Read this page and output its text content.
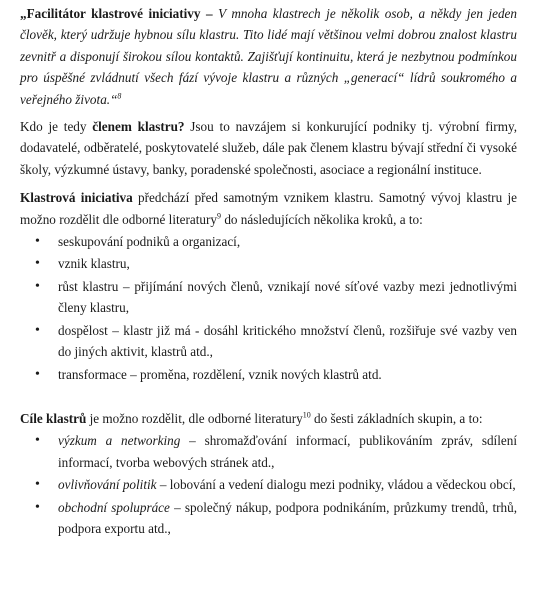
„Facilitátor klastrové iniciativy – V mnoha klastrech je několik osob, a někdy jen jeden člověk, který udržuje hybnou sílu klastru. Tito lidé mají většinou velmi dobrou znalost klastru zevnitř a disponují širokou sílou kontaktů. Zajišťují kontinuitu, která je nezbytnou podmínkou pro úspěšné zvládnutí všech fází vývoje klastru a různých „generací“ lídrů soukromého a veřejného života.“$^8$

Kdo je tedy členem klastru? Jsou to navzájem si konkurující podniky tj. výrobní firmy, dodavatelé, odběratelé, poskytovatelé služeb, dále pak členem klastru bývají střední či vysoké školy, výzkumné ústavy, banky, poradenské společnosti, asociace a regionální instituce.

Klastrová iniciativa předchází před samotným vznikem klastru. Samotný vývoj klastru je možno rozdělit dle odborné literatury$^9$ do následujících několika kroků, a to:

• seskupování podniků a organizací,
• vznik klastru,
• růst klastru – přijímání nových členů, vznikají nové síťové vazby mezi jednotlivými členy klastru,
• dospělost – klastr již má - dosáhl kritického množství členů, rozšiřuje své vazby ven do jiných aktivit, klastrů atd.,
• transformace – proměna, rozdělení, vznik nových klastrů atd.

Cíle klastrů je možno rozdělit, dle odborné literatury$^{10}$ do šesti základních skupin, a to:

• výzkum a networking – shromažďování informací, publikováním zpráv, sdílení informací, tvorba webových stránek atd.,
• ovlivňování politik – lobování a vedení dialogu mezi podniky, vládou a vědeckou obcí,
• obchodní spolupráce – společný nákup, podpora podnikáním, průzkumy trendů, trhů, podpora exportu atd.,
